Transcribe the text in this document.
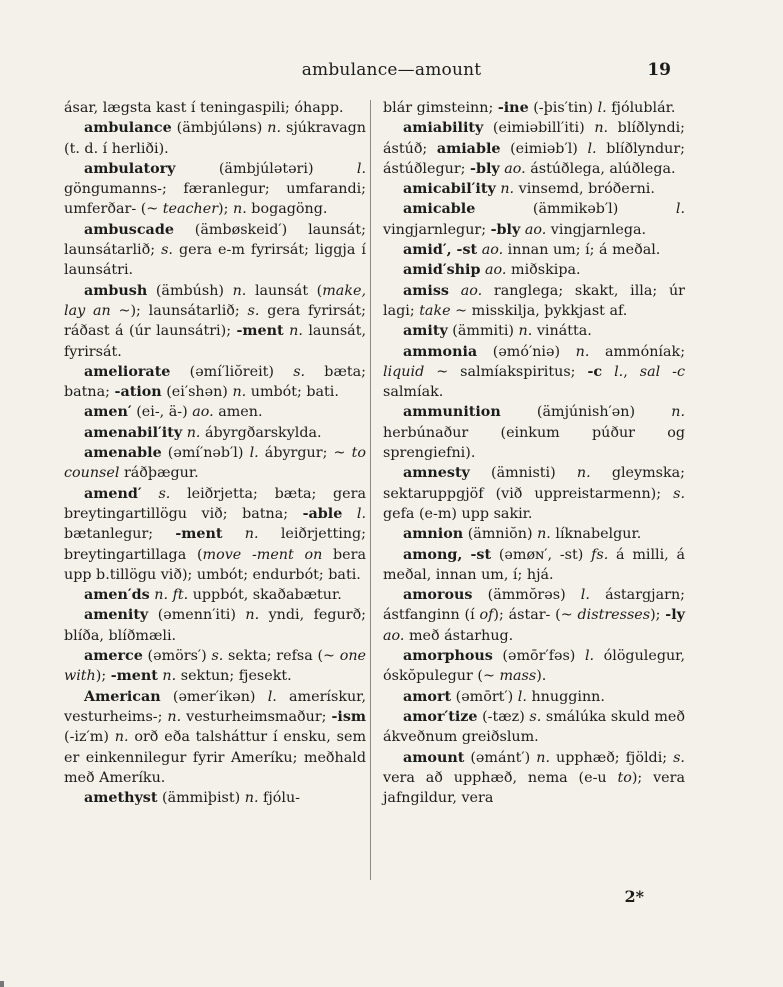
ambulance—amount	19

ásar, lægsta kast í teningaspili; óhapp.

ambulance (ämbjúləns) n. sjúkravagn (t. d. í herliði).

ambulatory (ämbjúlətəri) l. göngumanns-; færanlegur; umfarandi; umferðar- (~ teacher); n. bogagöng.

ambuscade (ämbøskeid′) launsát; launsátarlið; s. gera e-m fyrirsát; liggja í launsátri.

ambush (ämbúsh) n. launsát (make, lay an ~); launsátarlið; s. gera fyrirsát; ráðast á (úr launsátri); -ment n. launsát, fyrirsát.

ameliorate (əmí′liŏreit) s. bæta; batna; -ation (ei′shən) n. umbót; bati.

amen′ (ei-, ä-) ao. amen.

amenabil′ity n. ábyrgðarskylda.

amenable (əmí′nəb′l) l. ábyrgur; ~ to counsel ráðþægur.

amend′ s. leiðrjetta; bæta; gera breytingartillögu við; batna; -able l. bætanlegur; -ment n. leiðrjetting; breytingartillaga (move -ment on bera upp b.tillögu við); umbót; endurbót; bati.

amen′ds n. ft. uppbót, skaðabætur.

amenity (əmenn′iti) n. yndi, fegurð; blíða, blíðmæli.

amerce (əmörs′) s. sekta; refsa (~ one with); -ment n. sektun; fjesekt.

American (əmer′ikən) l. amerískur, vesturheims-; n. vesturheimsmaður; -ism (-iz′m) n. orð eða talsháttur í ensku, sem er einkennilegur fyrir Ameríku; meðhald með Ameríku.

amethyst (ämmiþist) n. fjólu-

blár gimsteinn; -ine (-þis′tin) l. fjólublár.

amiability (eimiəbill′iti) n. blíðlyndi; ástúð; amiable (eimiəb′l) l. blíðlyndur; ástúðlegur; -bly ao. ástúðlega, alúðlega.

amicabil′ity n. vinsemd, bróðerni.

amicable (ämmikəb′l) l. vingjarnlegur; -bly ao. vingjarnlega.

amid′, -st ao. innan um; í; á meðal.

amid′ship ao. miðskipa.

amiss ao. ranglega; skakt, illa; úr lagi; take ~ misskilja, þykkjast af.

amity (ämmiti) n. vinátta.

ammonia (əmó′niə) n. ammóníak; liquid ~ salmíakspiritus; -c l., sal -c salmíak.

ammunition (ämjúnish′ən) n. herbúnaður (einkum púður og sprengiefni).

amnesty (ämnisti) n. gleymska; sektaruppgjöf (við uppreistarmenn); s. gefa (e-m) upp sakir.

amnion (ämniŏn) n. líknabelgur.

among, -st (əmøɴ′, -st) fs. á milli, á meðal, innan um, í; hjá.

amorous (ämmŏrəs) l. ástargjarn; ástfanginn (í of); ástar- (~ distresses); -ly ao. með ástarhug.

amorphous (əmōr′fəs) l. ólögulegur, óskŏpulegur (~ mass).

amort (əmōrt′) l. hnugginn.

amor′tize (-tæz) s. smálúka skuld með ákveðnum greiðslum.

amount (əmánt′) n. upphæð; fjöldi; s. vera að upphæð, nema (e-u to); vera jafngildur, vera

2*
